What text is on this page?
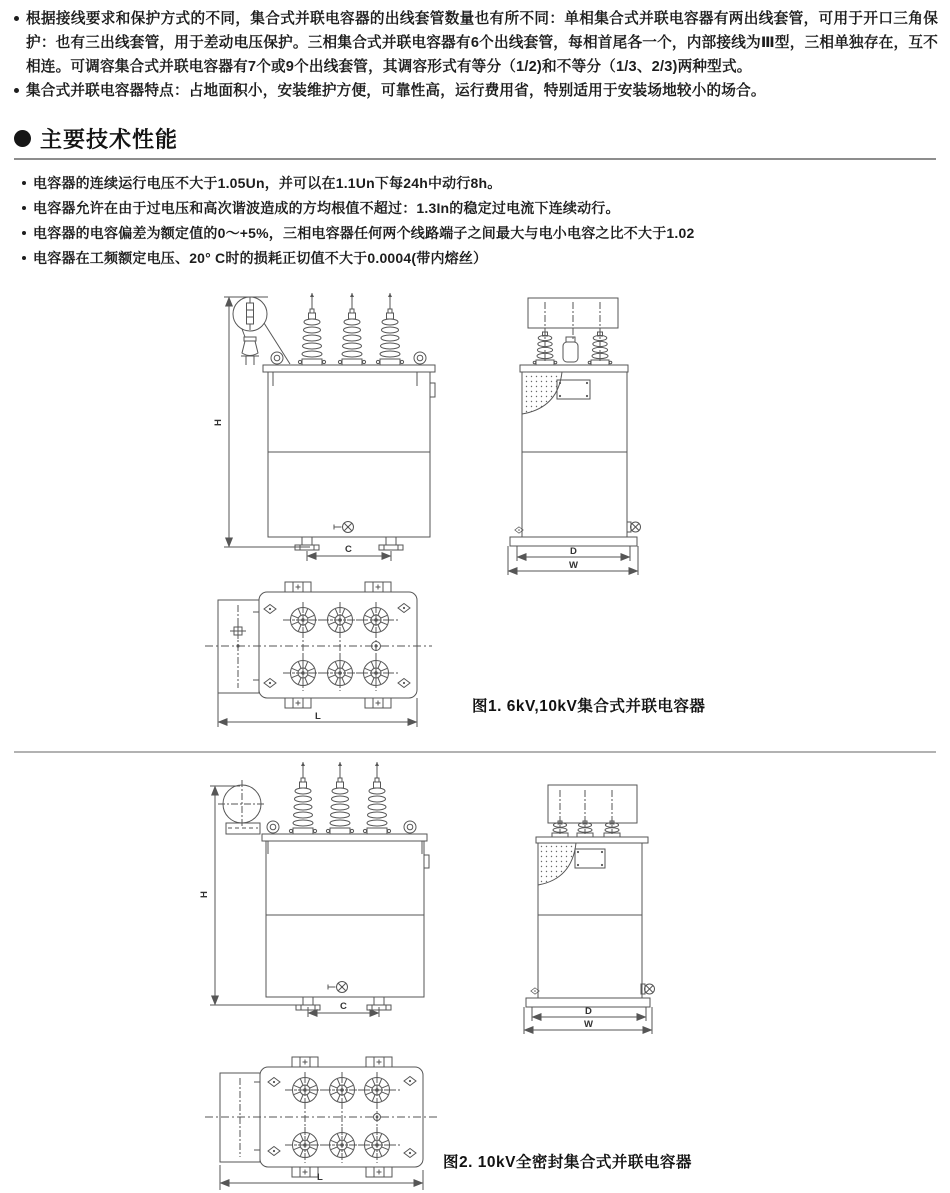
根据接线要求和保护方式的不同，集合式并联电容器的出线套管数量也有所不同：单相集合式并联电容器有两出线套管，可用于开口三角保护：也有三出线套管，用于差动电压保护。三相集合式并联电容器有6个出线套管，每相首尾各一个，内部接线为Ⅲ型，三相单独存在，互不相连。可调容集合式并联电容器有7个或9个出线套管，其调容形式有等分（1/2)和不等分（1/3、2/3)两种型式。

集合式并联电容器特点：占地面积小，安装维护方便，可靠性高，运行费用省，特别适用于安装场地较小的场合。

主要技术性能

电容器的连续运行电压不大于1.05Un，并可以在1.1Un下每24h中动行8h。

电容器允许在由于过电压和高次谐波造成的方均根值不超过：1.3In的稳定过电流下连续动行。

电容器的电容偏差为额定值的0～+5%，三相电容器任何两个线路端子之间最大与电小电容之比不大于1.02

电容器在工频额定电压、20° C时的损耗正切值不大于0.0004(带内熔丝）

图1. 6kV,10kV集合式并联电容器
图2. 10kV全密封集合式并联电容器
H
C	D
W
L
H
C	D
W
L
